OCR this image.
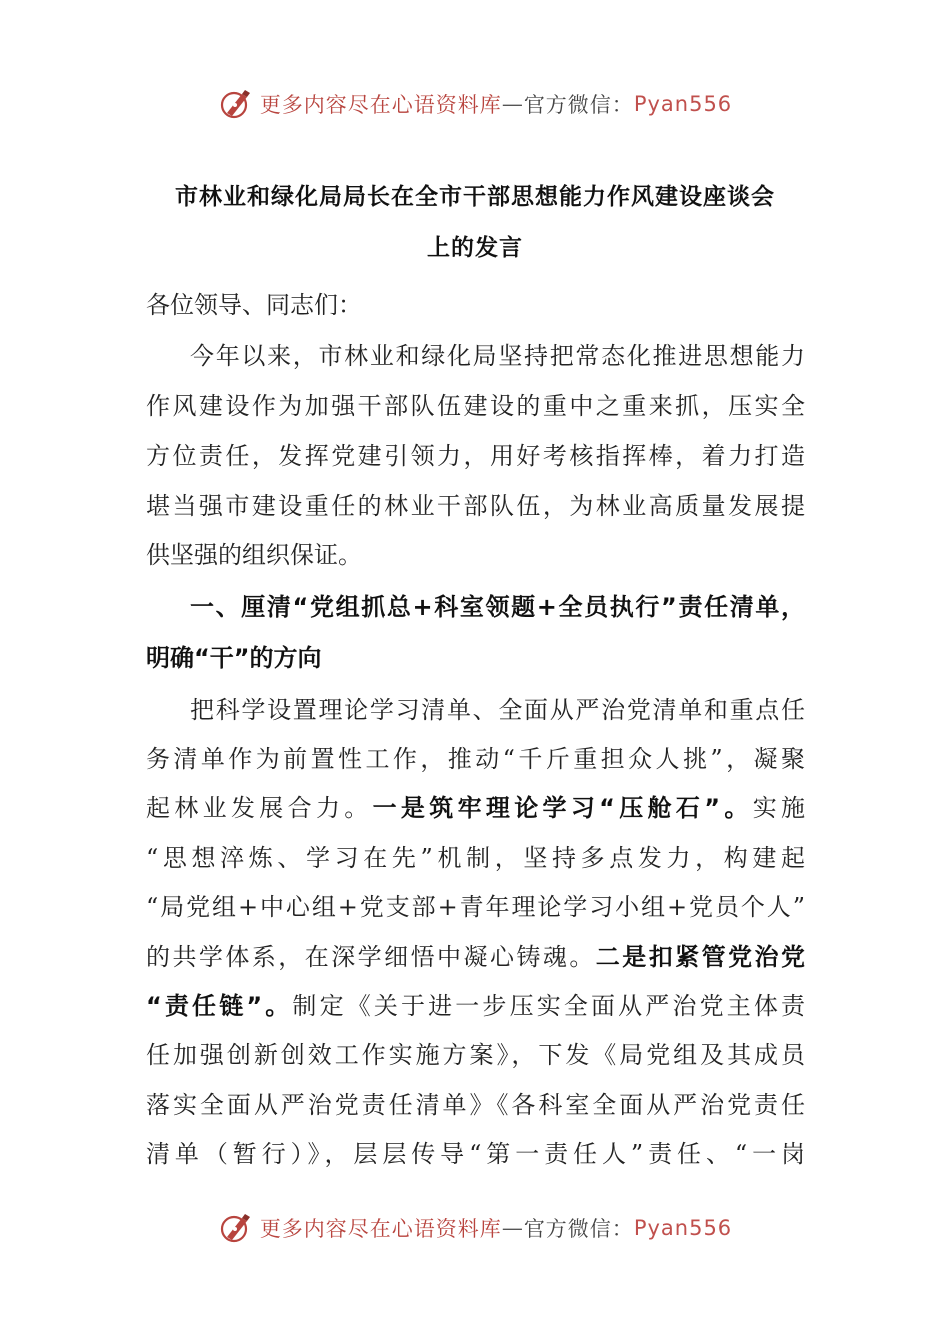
更多内容尽在心语资料库 — 官方微信： Pyan556
市林业和绿化局局长在全市干部思想能力作风建设座谈会
上的发言

各位领导、同志们：

今年以来，市林业和绿化局坚持把常态化推进思想能力

作风建设作为加强干部队伍建设的重中之重来抓，压实全

方位责任，发挥党建引领力，用好考核指挥棒，着力打造

堪当强市建设重任的林业干部队伍，为林业高质量发展提

供坚强的组织保证。

一、厘清“党组抓总+科室领题+全员执行”责任清单，

明确“干”的方向

把科学设置理论学习清单、全面从严治党清单和重点任

务清单作为前置性工作，推动“千斤重担众人挑”，凝聚

起林业发展合力。一是筑牢理论学习“压舱石”。实施

“思想淬炼、学习在先”机制，坚持多点发力，构建起

“局党组+中心组+党支部+青年理论学习小组+党员个人”

的共学体系，在深学细悟中凝心铸魂。二是扣紧管党治党

“责任链”。制定《关于进一步压实全面从严治党主体责

任加强创新创效工作实施方案》，下发《局党组及其成员

落实全面从严治党责任清单》《各科室全面从严治党责任

清单（暂行）》，层层传导“第一责任人”责任、“一岗

更多内容尽在心语资料库 — 官方微信： Pyan556
